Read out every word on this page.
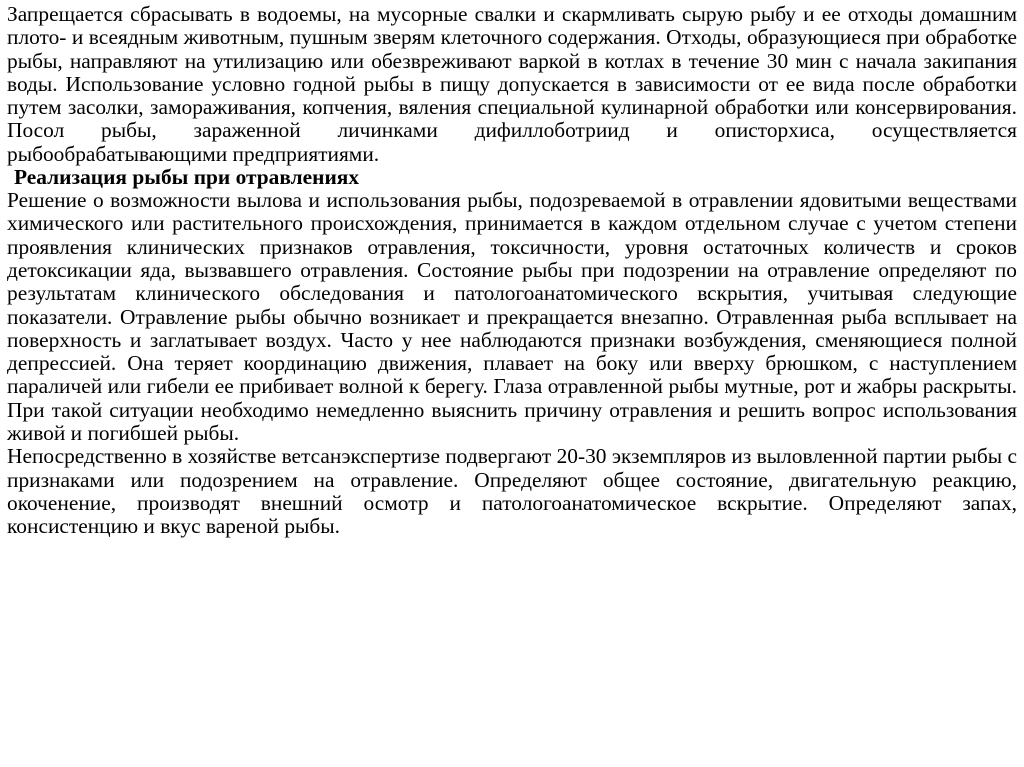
Запрещается сбрасывать в водоемы, на мусорные свалки и скармливать сырую рыбу и ее отходы домашним плото- и всеядным животным, пушным зверям клеточного содержания. Отходы, образующиеся при обработке рыбы, направляют на утилизацию или обезвреживают варкой в котлах в течение 30 мин с начала закипания воды. Использование условно годной рыбы в пищу допускается в зависимости от ее вида после обработки путем засолки, замораживания, копчения, вяления специальной кулинарной обработки или консервирования. Посол рыбы, зараженной личинками дифиллоботриид и описторхиса, осуществляется рыбообрабатывающими предприятиями.

Реализация рыбы при отравлениях

Решение о возможности вылова и использования рыбы, подозреваемой в отравлении ядовитыми веществами химического или растительного происхождения, принимается в каждом отдельном случае с учетом степени проявления клинических признаков отравления, токсичности, уровня остаточных количеств и сроков детоксикации яда, вызвавшего отравления. Состояние рыбы при подозрении на отравление определяют по результатам клинического обследования и патологоанатомического вскрытия, учитывая следующие показатели. Отравление рыбы обычно возникает и прекращается внезапно. Отравленная рыба всплывает на поверхность и заглатывает воздух. Часто у нее наблюдаются признаки возбуждения, сменяющиеся полной депрессией. Она теряет координацию движения, плавает на боку или вверху брюшком, с наступлением параличей или гибели ее прибивает волной к берегу. Глаза отравленной рыбы мутные, рот и жабры раскрыты. При такой ситуации необходимо немедленно выяснить причину отравления и решить вопрос использования живой и погибшей рыбы.

Непосредственно в хозяйстве ветсанэкспертизе подвергают 20-30 экземпляров из выловленной партии рыбы с признаками или подозрением на отравление. Определяют общее состояние, двигательную реакцию, окоченение, производят внешний осмотр и патологоанатомическое вскрытие. Определяют запах, консистенцию и вкус вареной рыбы.
